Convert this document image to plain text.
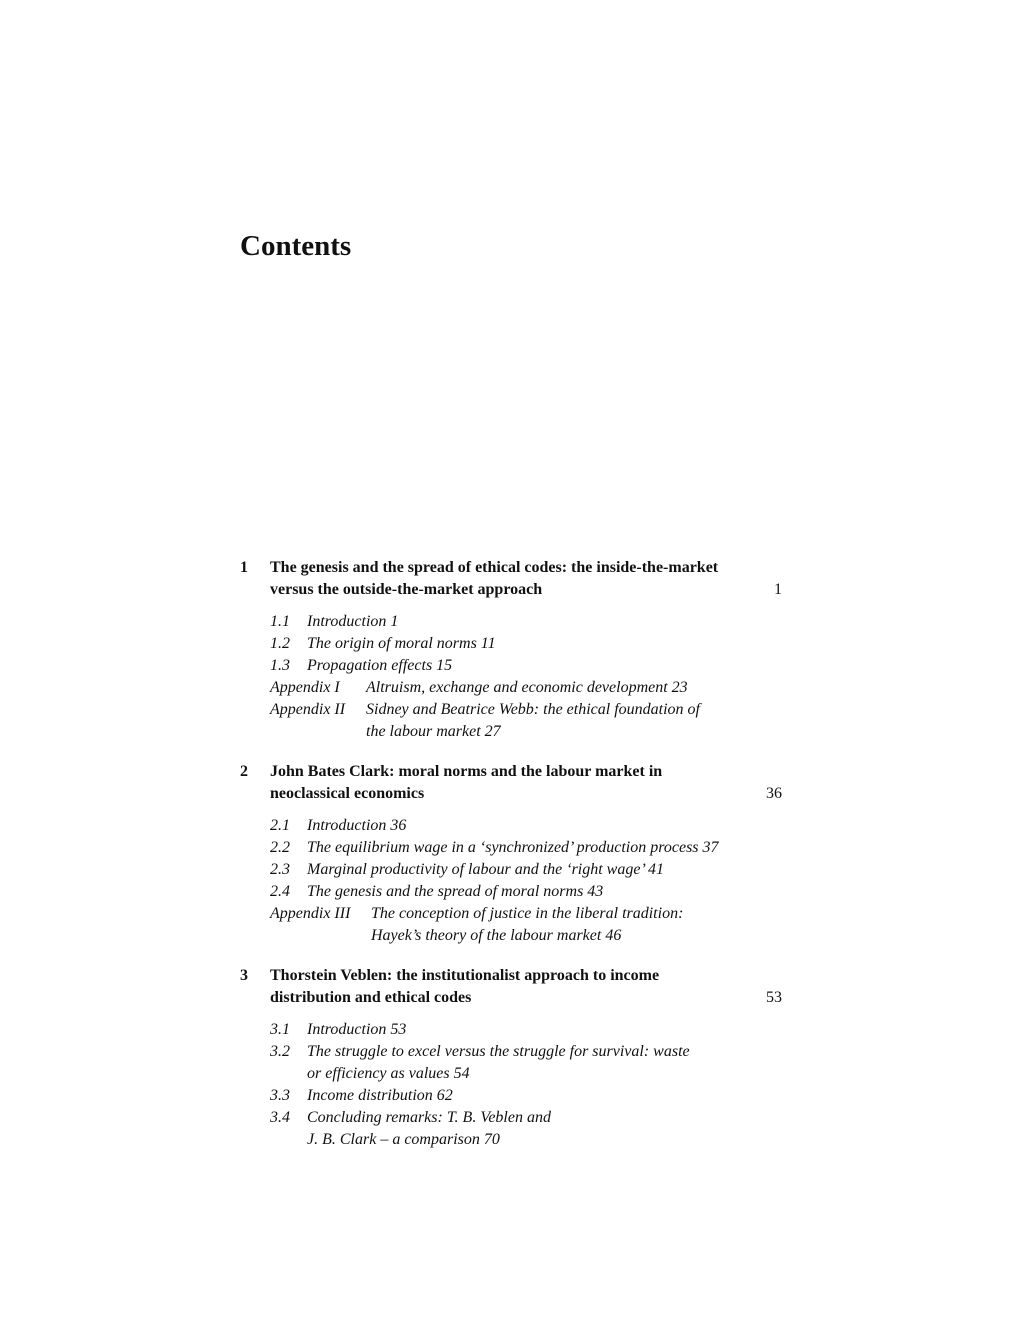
Contents
1 The genesis and the spread of ethical codes: the inside-the-market
versus the outside-the-market approach	1
1.1	Introduction 1
1.2	The origin of moral norms 11
1.3	Propagation effects 15
Appendix I	Altruism, exchange and economic development 23
Appendix II	Sidney and Beatrice Webb: the ethical foundation of
the labour market 27
2 John Bates Clark: moral norms and the labour market in
neoclassical economics	36
2.1	Introduction 36
2.2	The equilibrium wage in a ‘synchronized’ production process 37
2.3	Marginal productivity of labour and the ‘right wage’ 41
2.4	The genesis and the spread of moral norms 43
Appendix III	The conception of justice in the liberal tradition:
Hayek’s theory of the labour market 46
3 Thorstein Veblen: the institutionalist approach to income
distribution and ethical codes	53
3.1	Introduction 53
3.2	The struggle to excel versus the struggle for survival: waste
or efficiency as values 54
3.3	Income distribution 62
3.4	Concluding remarks: T. B. Veblen and
J. B. Clark – a comparison 70
